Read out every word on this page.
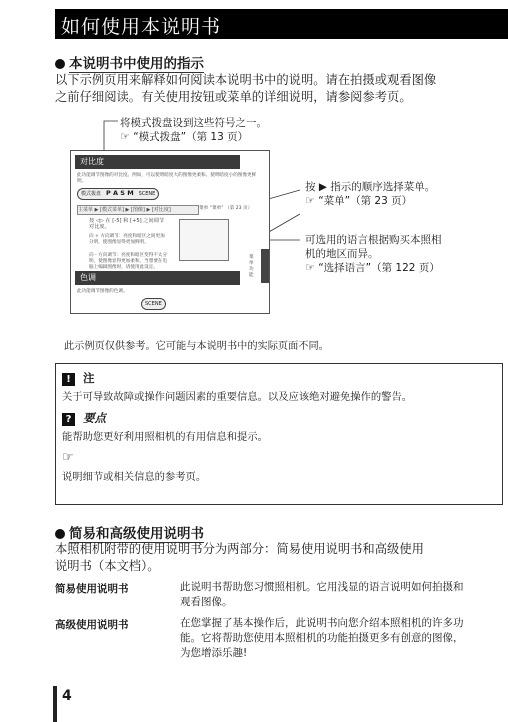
如何使用本说明书
本说明书中使用的指示
以下示例页用来解释如何阅读本说明书中的说明。请在拍摄或观看图像
之前仔细阅读。有关使用按钮或菜单的详细说明，请参阅参考页。
将模式拨盘设到这些符号之一。
☞ “模式拨盘”（第 13 页）
对比度
此功能调节图像的对比度。例如，可以使明暗度大的图像更柔和。使明暗度小的图像更鲜明。
模式拨盘 P A S M SCENE
主菜单 ▶ [模式菜单] ▶ [图像] ▶ [对比度]	菜单 “菜单” （第 23 页）
按 ◁▷ 在 [-5] 和 [+5] 之间调节对比度。
向 + 方向调节：亮度和暗区之间更加分明，使图像显得更加鲜明。
向 - 方向调节：亮度和暗区变得不太分明，使图像显得更加柔和，当想要在电脑上编辑图像时，请使用此设定。
菜单功能
色调
此功能调节图像的色调。
SCENE
按 ▶ 指示的顺序选择菜单。
☞ “菜单”（第 23 页）
可选用的语言根据购买本照相
机的地区而异。
☞ “选择语言”（第 122 页）
此示例页仅供参考。它可能与本说明书中的实际页面不同。
! 注
关于可导致故障或操作问题因素的重要信息。以及应该绝对避免操作的警告。
? 要点
能帮助您更好利用照相机的有用信息和提示。
☞
说明细节或相关信息的参考页。
简易和高级使用说明书
本照相机附带的使用说明书分为两部分：简易使用说明书和高级使用
说明书（本文档）。
简易使用说明书	此说明书帮助您习惯照相机。它用浅显的语言说明如何拍摄和
观看图像。
高级使用说明书	在您掌握了基本操作后，此说明书向您介绍本照相机的许多功
能。它将帮助您使用本照相机的功能拍摄更多有创意的图像，
为您增添乐趣!
4
